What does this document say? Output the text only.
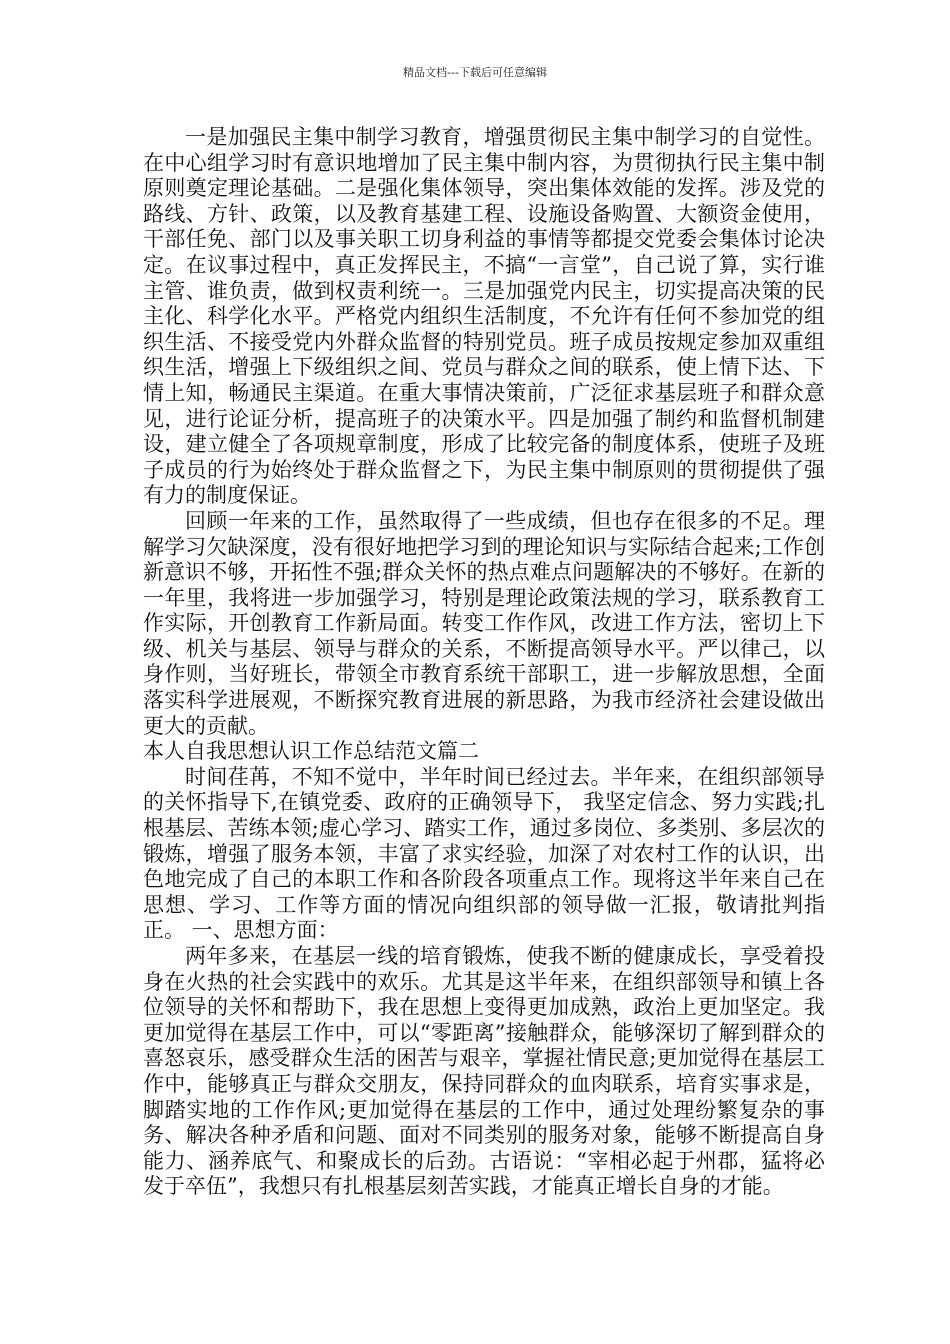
精品文档---下载后可任意编辑

一是加强民主集中制学习教育，增强贯彻民主集中制学习的自觉性。在中心组学习时有意识地增加了民主集中制内容，为贯彻执行民主集中制原则奠定理论基础。二是强化集体领导，突出集体效能的发挥。涉及党的路线、方针、政策，以及教育基建工程、设施设备购置、大额资金使用，干部任免、部门以及事关职工切身利益的事情等都提交党委会集体讨论决定。在议事过程中，真正发挥民主，不搞“一言堂”，自己说了算，实行谁主管、谁负责，做到权责利统一。三是加强党内民主，切实提高决策的民主化、科学化水平。严格党内组织生活制度，不允许有任何不参加党的组织生活、不接受党内外群众监督的特别党员。班子成员按规定参加双重组织生活，增强上下级组织之间、党员与群众之间的联系，使上情下达、下情上知，畅通民主渠道。在重大事情决策前，广泛征求基层班子和群众意见，进行论证分析，提高班子的决策水平。四是加强了制约和监督机制建设，建立健全了各项规章制度，形成了比较完备的制度体系，使班子及班子成员的行为始终处于群众监督之下，为民主集中制原则的贯彻提供了强有力的制度保证。

回顾一年来的工作，虽然取得了一些成绩，但也存在很多的不足。理解学习欠缺深度，没有很好地把学习到的理论知识与实际结合起来;工作创新意识不够，开拓性不强;群众关怀的热点难点问题解决的不够好。在新的一年里，我将进一步加强学习，特别是理论政策法规的学习，联系教育工作实际，开创教育工作新局面。转变工作作风，改进工作方法，密切上下级、机关与基层、领导与群众的关系，不断提高领导水平。严以律己，以身作则，当好班长，带领全市教育系统干部职工，进一步解放思想，全面落实科学进展观，不断探究教育进展的新思路，为我市经济社会建设做出更大的贡献。

本人自我思想认识工作总结范文篇二

时间荏苒，不知不觉中，半年时间已经过去。半年来，在组织部领导的关怀指导下,在镇党委、政府的正确领导下， 我坚定信念、努力实践;扎根基层、苦练本领;虚心学习、踏实工作，通过多岗位、多类别、多层次的锻炼，增强了服务本领，丰富了求实经验，加深了对农村工作的认识，出色地完成了自己的本职工作和各阶段各项重点工作。现将这半年来自己在思想、学习、工作等方面的情况向组织部的领导做一汇报，敬请批判指正。 一、思想方面：

两年多来，在基层一线的培育锻炼，使我不断的健康成长，享受着投身在火热的社会实践中的欢乐。尤其是这半年来，在组织部领导和镇上各位领导的关怀和帮助下，我在思想上变得更加成熟，政治上更加坚定。我更加觉得在基层工作中，可以“零距离”接触群众，能够深切了解到群众的喜怒哀乐，感受群众生活的困苦与艰辛，掌握社情民意;更加觉得在基层工作中，能够真正与群众交朋友，保持同群众的血肉联系，培育实事求是，脚踏实地的工作作风;更加觉得在基层的工作中，通过处理纷繁复杂的事务、解决各种矛盾和问题、面对不同类别的服务对象，能够不断提高自身能力、涵养底气、和聚成长的后劲。古语说：“宰相必起于州郡，猛将必发于卒伍”，我想只有扎根基层刻苦实践，才能真正增长自身的才能。
